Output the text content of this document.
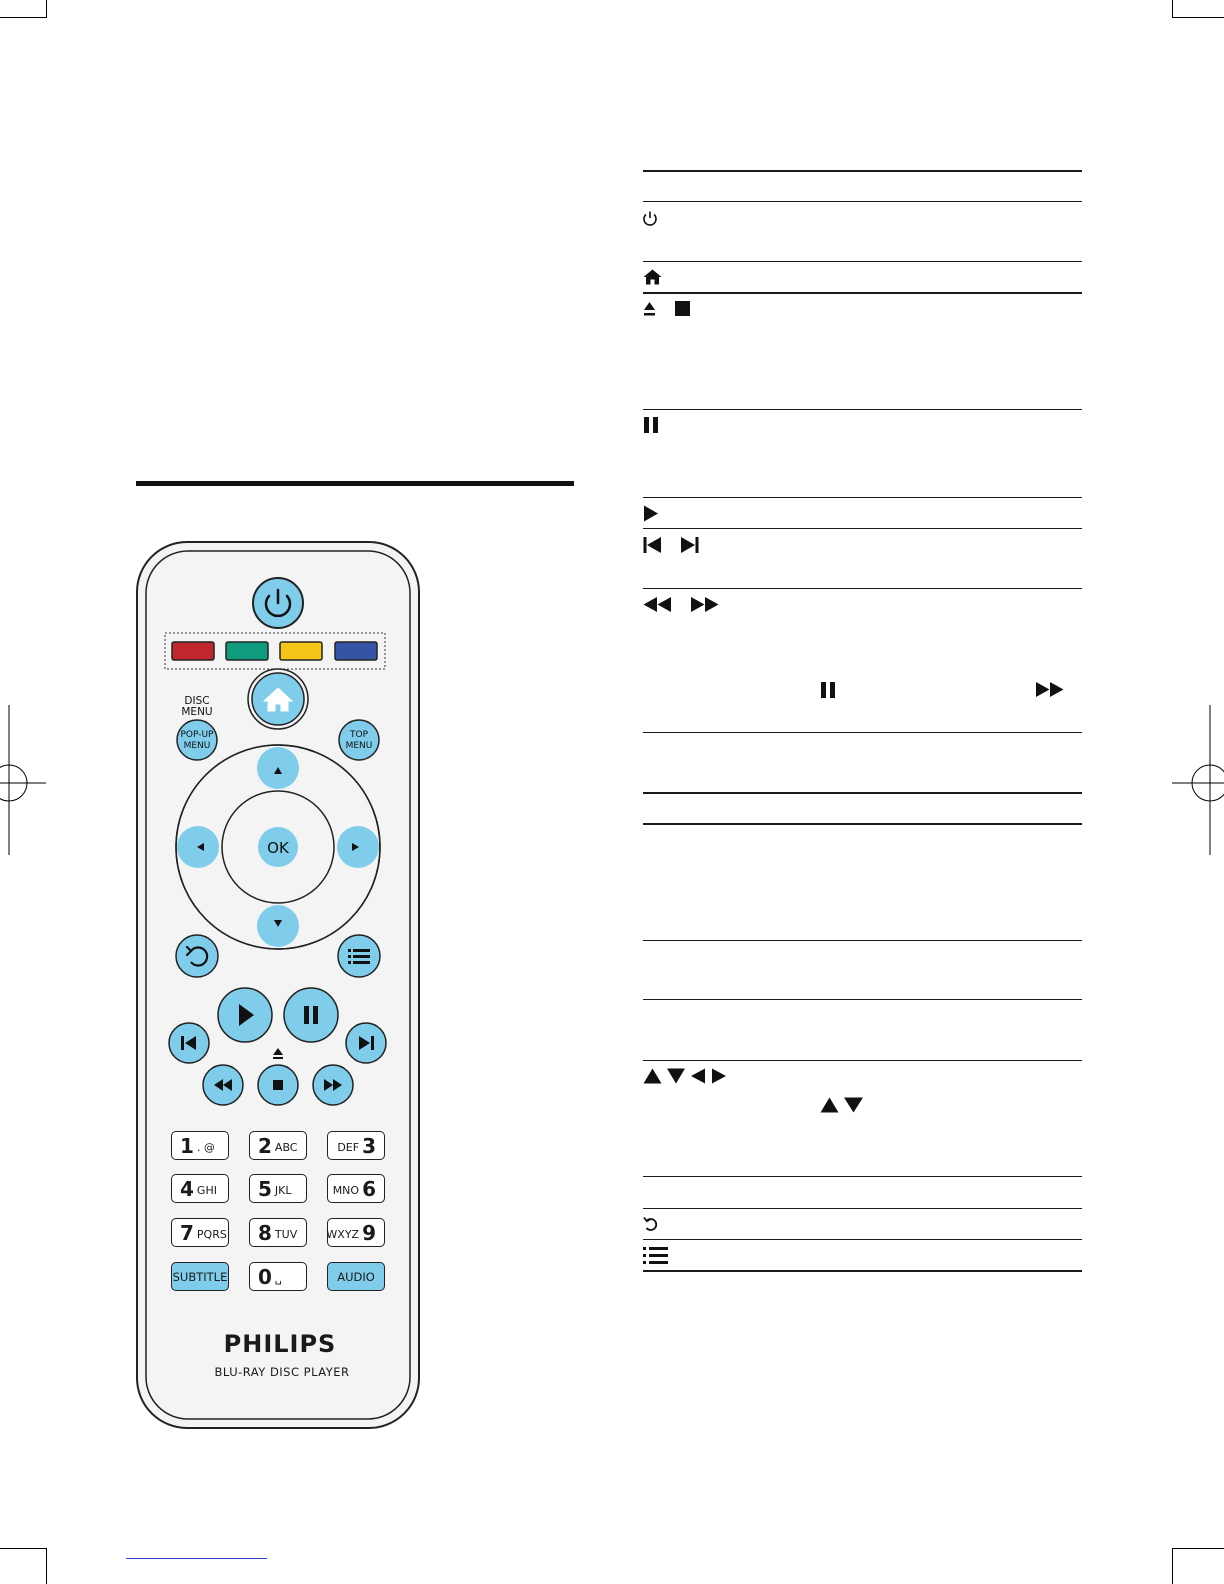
DISC
MENU
POP-UP
MENU
TOP
MENU
OK
1 . @ 2 ABC	DEF 3
4 GHI 5 JKL	MNO 6
7 PQRS 8 TUV	WXYZ 9
0 ␣
SUBTITLE	AUDIO
PHILIPS
BLU-RAY DISC PLAYER
